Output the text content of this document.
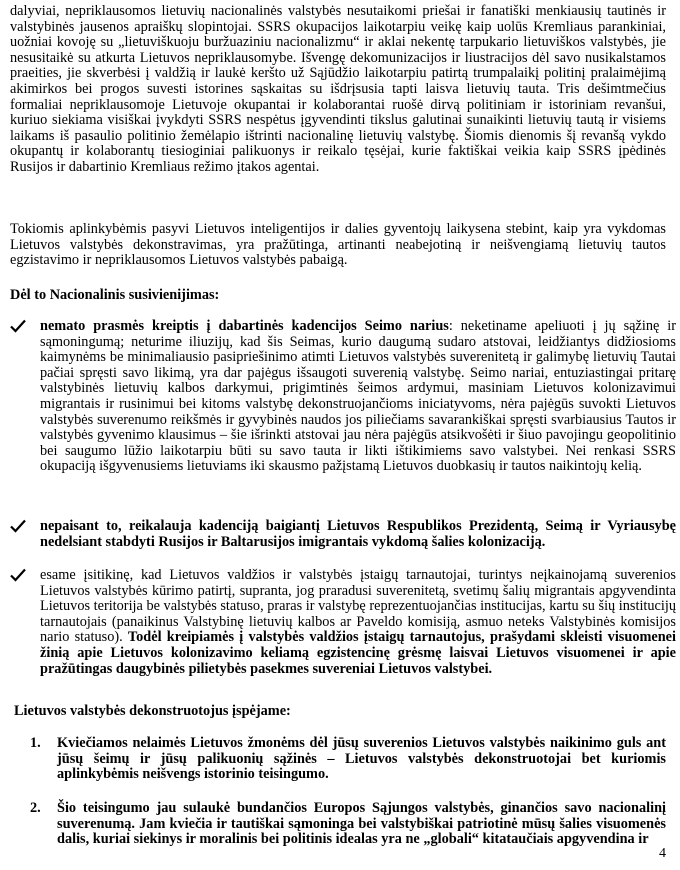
dalyviai, nepriklausomos lietuvių nacionalinės valstybės nesutaikomi priešai ir fanatiški menkiausių tautinės ir valstybinės jausenos apraiškų slopintojai. SSRS okupacijos laikotarpiu veikę kaip uolūs Kremliaus parankiniai, uožniai kovoję su „lietuviškuoju buržuaziniu nacionalizmu“ ir aklai nekentę tarpukario lietuviškos valstybės, jie nesusitaikė su atkurta Lietuvos nepriklausomybe. Išvengę dekomunizacijos ir liustracijos dėl savo nusikalstamos praeities, jie skverbėsi į valdžią ir laukė keršto už Sąjūdžio laikotarpiu patirtą trumpalaikį politinį pralaimėjimą akimirkos bei progos suvesti istorines sąskaitas su išdrįsusia tapti laisva lietuvių tauta. Tris dešimtmečius formaliai nepriklausomoje Lietuvoje okupantai ir kolaborantai ruošė dirvą politiniam ir istoriniam revanšui, kuriuo siekiama visiškai įvykdyti SSRS nespėtus įgyvendinti tikslus galutinai sunaikinti lietuvių tautą ir visiems laikams iš pasaulio politinio žemėlapio ištrinti nacionalinę lietuvių valstybę. Šiomis dienomis šį revanšą vykdo okupantų ir kolaborantų tiesioginiai palikuonys ir reikalo tęsėjai, kurie faktiškai veikia kaip SSRS įpėdinės Rusijos ir dabartinio Kremliaus režimo įtakos agentai.

Tokiomis aplinkybėmis pasyvi Lietuvos inteligentijos ir dalies gyventojų laikysena stebint, kaip yra vykdomas Lietuvos valstybės dekonstravimas, yra pražūtinga, artinanti neabejotiną ir neišvengiamą lietuvių tautos egzistavimo ir nepriklausomos Lietuvos valstybės pabaigą.

Dėl to Nacionalinis susivienijimas:

nemato prasmės kreiptis į dabartinės kadencijos Seimo narius: neketiname apeliuoti į jų sąžinę ir sąmoningumą; neturime iliuzijų, kad šis Seimas, kurio daugumą sudaro atstovai, leidžiantys didžiosioms kaimynėms be minimaliausio pasipriešinimo atimti Lietuvos valstybės suverenitetą ir galimybę lietuvių Tautai pačiai spręsti savo likimą, yra dar pajėgus išsaugoti suverenią valstybę. Seimo nariai, entuziastingai pritarę valstybinės lietuvių kalbos darkymui, prigimtinės šeimos ardymui, masiniam Lietuvos kolonizavimui migrantais ir rusinimui bei kitoms valstybę dekonstruojančioms iniciatyvoms, nėra pajėgūs suvokti Lietuvos valstybės suverenumo reikšmės ir gyvybinės naudos jos piliečiams savarankiškai spręsti svarbiausius Tautos ir valstybės gyvenimo klausimus – šie išrinkti atstovai jau nėra pajėgūs atsikvošėti ir šiuo pavojingu geopolitinio bei saugumo lūžio laikotarpiu būti su savo tauta ir likti ištikimiems savo valstybei. Nei renkasi SSRS okupaciją išgyvenusiems lietuviams iki skausmo pažįstamą Lietuvos duobkasių ir tautos naikintojų kelią.

nepaisant to, reikalauja kadenciją baigiantį Lietuvos Respublikos Prezidentą, Seimą ir Vyriausybę nedelsiant stabdyti Rusijos ir Baltarusijos imigrantais vykdomą šalies kolonizaciją.

esame įsitikinę, kad Lietuvos valdžios ir valstybės įstaigų tarnautojai, turintys neįkainojamą suverenios Lietuvos valstybės kūrimo patirtį, supranta, jog praradusi suverenitetą, svetimų šalių migrantais apgyvendinta Lietuvos teritorija be valstybės statuso, praras ir valstybę reprezentuojančias institucijas, kartu su šių institucijų tarnautojais (panaikinus Valstybinę lietuvių kalbos ar Paveldo komisiją, asmuo neteks Valstybinės komisijos nario statuso). Todėl kreipiamės į valstybės valdžios įstaigų tarnautojus, prašydami skleisti visuomenei žinią apie Lietuvos kolonizavimo keliamą egzistencinę grėsmę laisvai Lietuvos visuomenei ir apie pražūtingas daugybinės pilietybės pasekmes suvereniai Lietuvos valstybei.

Lietuvos valstybės dekonstruotojus įspėjame:

1. Kviečiamos nelaimės Lietuvos žmonėms dėl jūsų suverenios Lietuvos valstybės naikinimo guls ant jūsų šeimų ir jūsų palikuonių sąžinės – Lietuvos valstybės dekonstruotojai bet kuriomis aplinkybėmis neišvengs istorinio teisingumo.

2. Šio teisingumo jau sulaukė bundančios Europos Sąjungos valstybės, ginančios savo nacionalinį suverenumą. Jam kviečia ir tautiškai sąmoninga bei valstybiškai patriotinė mūsų šalies visuomenės dalis, kuriai siekinys ir moralinis bei politinis idealas yra ne „globali“ kitataučiais apgyvendina ir

4
